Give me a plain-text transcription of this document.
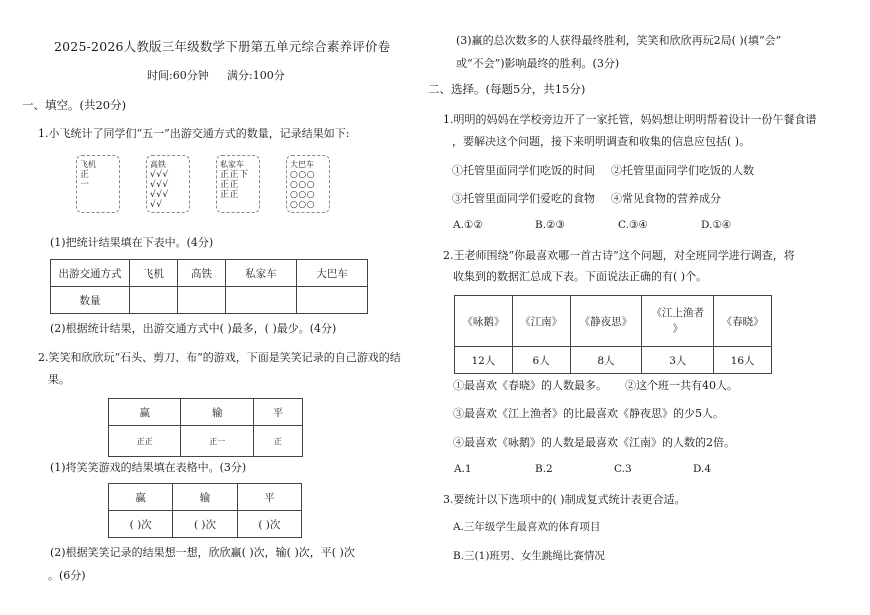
2025-2026人教版三年级数学下册第五单元综合素养评价卷
时间:60分钟 满分:100分
一、填空。(共20分)
1.小飞统计了同学们“五一”出游交通方式的数量，记录结果如下:
飞机
正
一
高铁
√√√
√√√
√√√
√√
私家车
正正下
正正
正正
大巴车
○○○
○○○
○○○
○○○
(1)把统计结果填在下表中。(4分)
出游交通方式	飞机	高铁	私家车	大巴车
数量				
(2)根据统计结果，出游交通方式中( )最多，( )最少。(4分)
2.笑笑和欣欣玩“石头、剪刀、布”的游戏，下面是笑笑记录的自己游戏的结
果。
赢	输	平
正正	正一	正
(1)将笑笑游戏的结果填在表格中。(3分)
赢	输	平
( )次	( )次	( )次
(2)根据笑笑记录的结果想一想，欣欣赢( )次，输( )次，平( )次
。(6分)
(3)赢的总次数多的人获得最终胜利，笑笑和欣欣再玩2局( )(填“会”
或“不会”)影响最终的胜利。(3分)
二、选择。(每题5分，共15分)
1.明明的妈妈在学校旁边开了一家托管，妈妈想让明明帮着设计一份午餐食谱
，要解决这个问题，接下来明明调查和收集的信息应包括( )。
①托管里面同学们吃饭的时间 ②托管里面同学们吃饭的人数
③托管里面同学们爱吃的食物 ④常见食物的营养成分
A.①②	B.②③	C.③④	D.①④
2.王老师围绕“你最喜欢哪一首古诗”这个问题，对全班同学进行调查，将
收集到的数据汇总成下表。下面说法正确的有( )个。
《咏鹅》	《江南》	《静夜思》	《江上渔者
》	《春晓》
12人	6人	8人	3人	16人
①最喜欢《春晓》的人数最多。 ②这个班一共有40人。
③最喜欢《江上渔者》的比最喜欢《静夜思》的少5人。
④最喜欢《咏鹅》的人数是最喜欢《江南》的人数的2倍。
A.1	B.2	C.3	D.4
3.要统计以下选项中的( )制成复式统计表更合适。
A.三年级学生最喜欢的体育项目
B.三(1)班男、女生跳绳比赛情况
